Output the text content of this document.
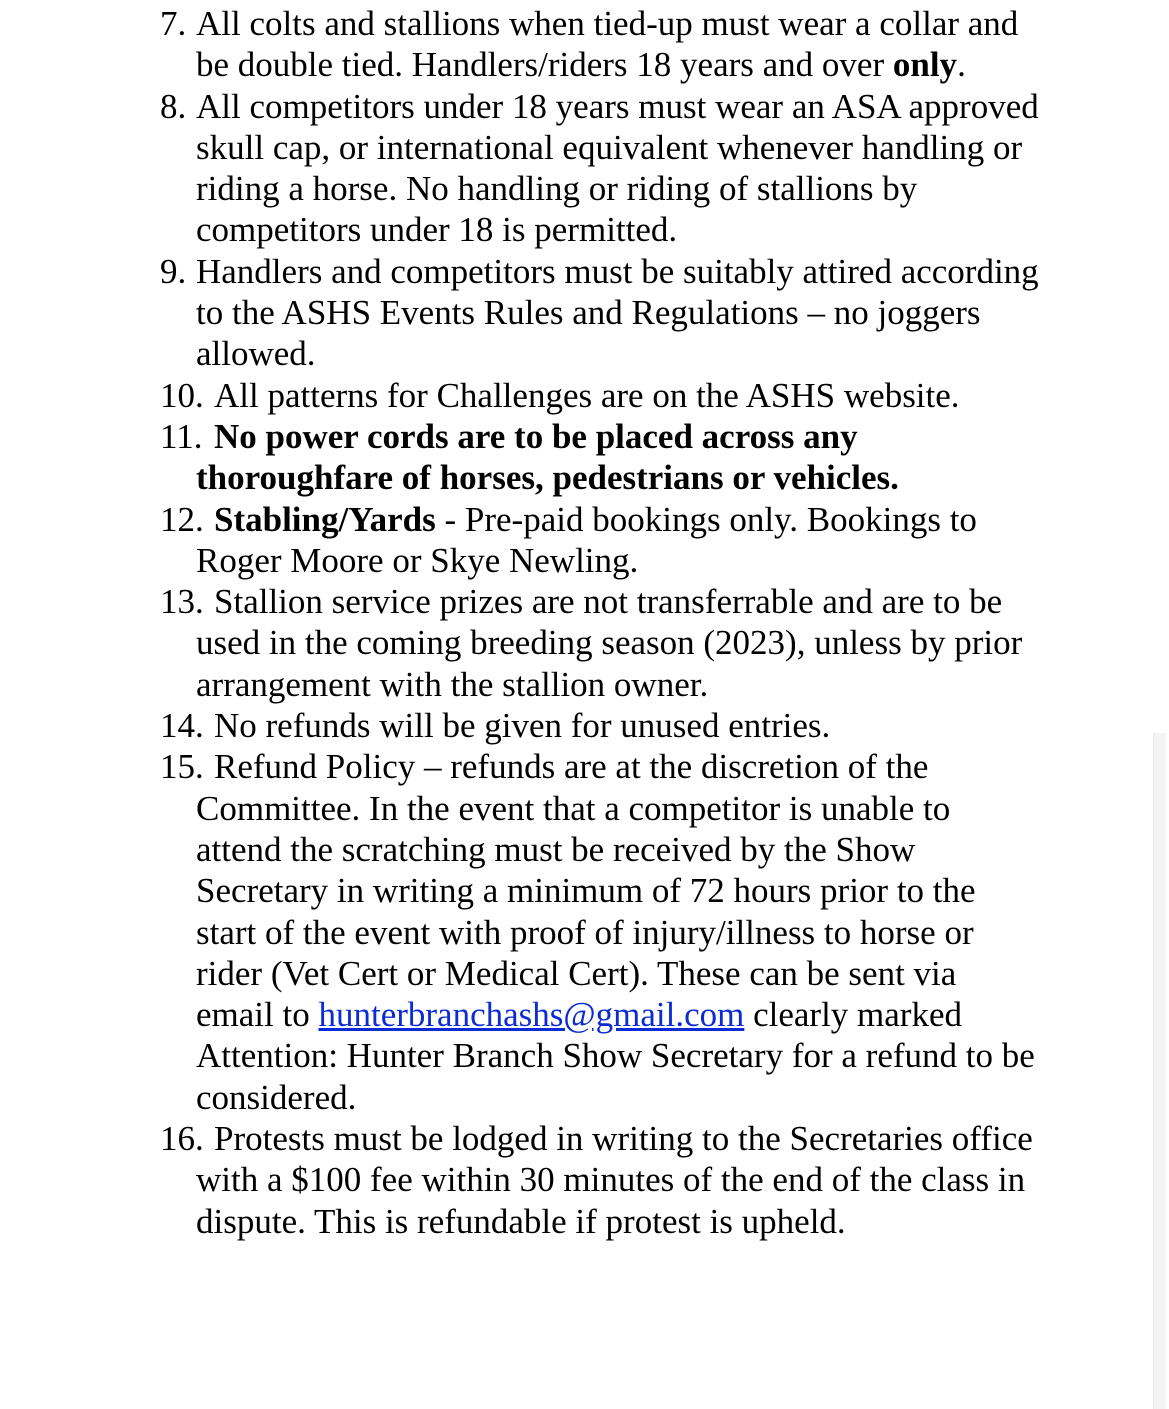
7. All colts and stallions when tied-up must wear a collar and be double tied. Handlers/riders 18 years and over only.
8. All competitors under 18 years must wear an ASA approved skull cap, or international equivalent whenever handling or riding a horse. No handling or riding of stallions by competitors under 18 is permitted.
9. Handlers and competitors must be suitably attired according to the ASHS Events Rules and Regulations – no joggers allowed.
10. All patterns for Challenges are on the ASHS website.
11. No power cords are to be placed across any thoroughfare of horses, pedestrians or vehicles.
12. Stabling/Yards - Pre-paid bookings only. Bookings to Roger Moore or Skye Newling.
13. Stallion service prizes are not transferrable and are to be used in the coming breeding season (2023), unless by prior arrangement with the stallion owner.
14. No refunds will be given for unused entries.
15. Refund Policy – refunds are at the discretion of the Committee. In the event that a competitor is unable to attend the scratching must be received by the Show Secretary in writing a minimum of 72 hours prior to the start of the event with proof of injury/illness to horse or rider (Vet Cert or Medical Cert). These can be sent via email to hunterbranchashs@gmail.com clearly marked Attention: Hunter Branch Show Secretary for a refund to be considered.
16. Protests must be lodged in writing to the Secretaries office with a $100 fee within 30 minutes of the end of the class in dispute. This is refundable if protest is upheld.
